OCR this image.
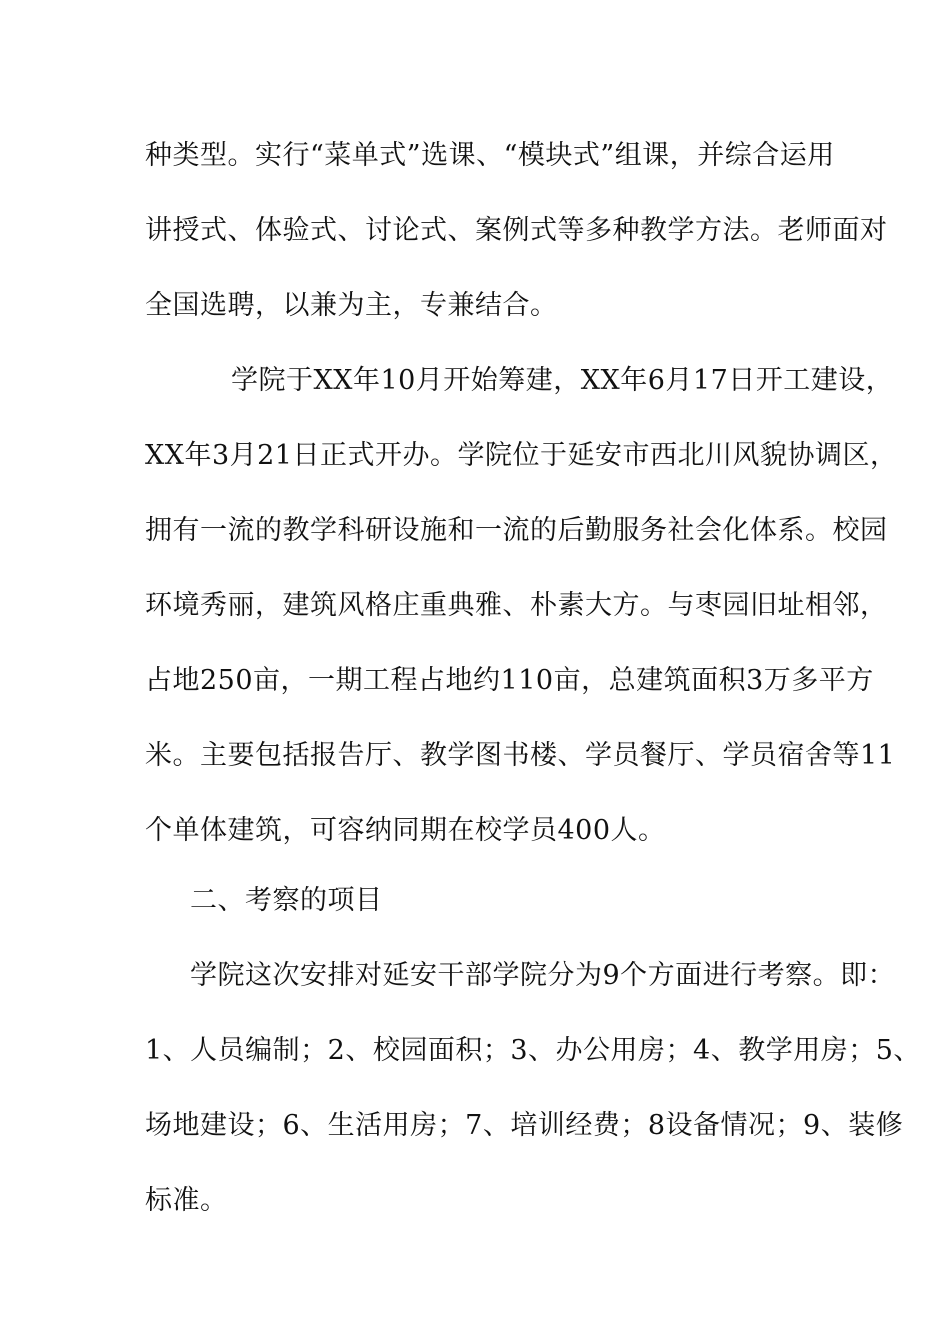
种类型。实行“菜单式”选课、“模块式”组课，并综合运用
讲授式、体验式、讨论式、案例式等多种教学方法。老师面对
全国选聘，以兼为主，专兼结合。
学院于XX年10月开始筹建，XX年6月17日开工建设，
XX年3月21日正式开办。学院位于延安市西北川风貌协调区，
拥有一流的教学科研设施和一流的后勤服务社会化体系。校园
环境秀丽，建筑风格庄重典雅、朴素大方。与枣园旧址相邻，
占地250亩，一期工程占地约110亩，总建筑面积3万多平方
米。主要包括报告厅、教学图书楼、学员餐厅、学员宿舍等11
个单体建筑，可容纳同期在校学员400人。
二、考察的项目
学院这次安排对延安干部学院分为9个方面进行考察。即：
1、人员编制；2、校园面积；3、办公用房；4、教学用房；5、
场地建设；6、生活用房；7、培训经费；8设备情况；9、装修
标准。
